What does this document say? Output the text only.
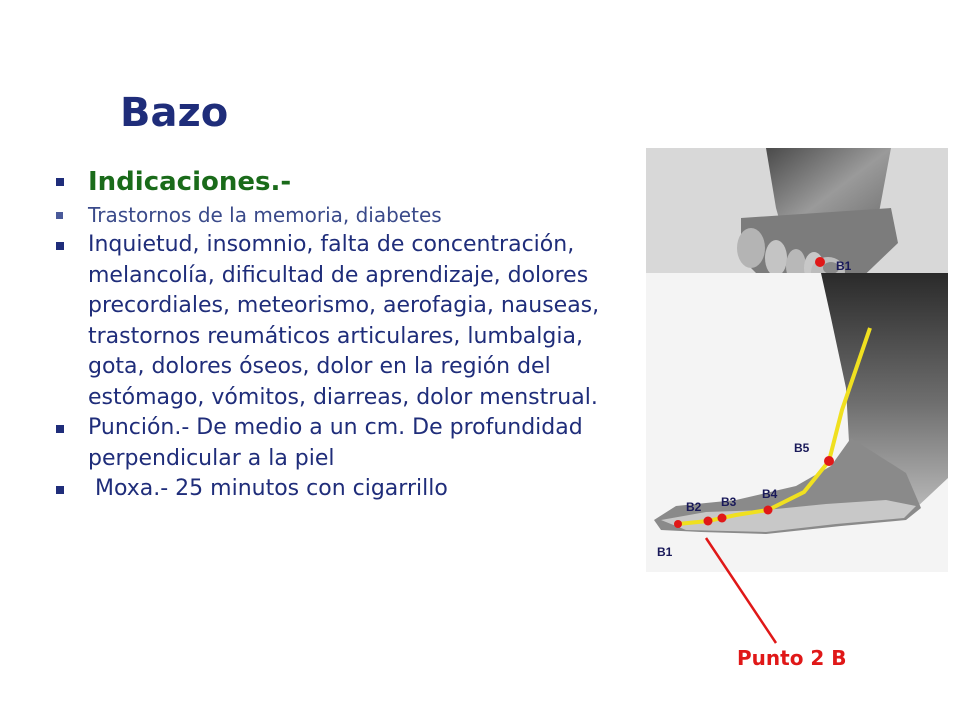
Bazo
Indicaciones.-
Trastornos de la memoria, diabetes
Inquietud, insomnio, falta de concentración, melancolía, dificultad de aprendizaje, dolores precordiales, meteorismo, aerofagia, nauseas, trastornos reumáticos articulares, lumbalgia, gota, dolores óseos, dolor en la región del estómago, vómitos, diarreas, dolor menstrual.
Punción.- De medio a un cm. De profundidad perpendicular a la piel
Moxa.- 25 minutos con cigarrillo
B1
B5
B4
B3
B2
B1
Punto 2 B
